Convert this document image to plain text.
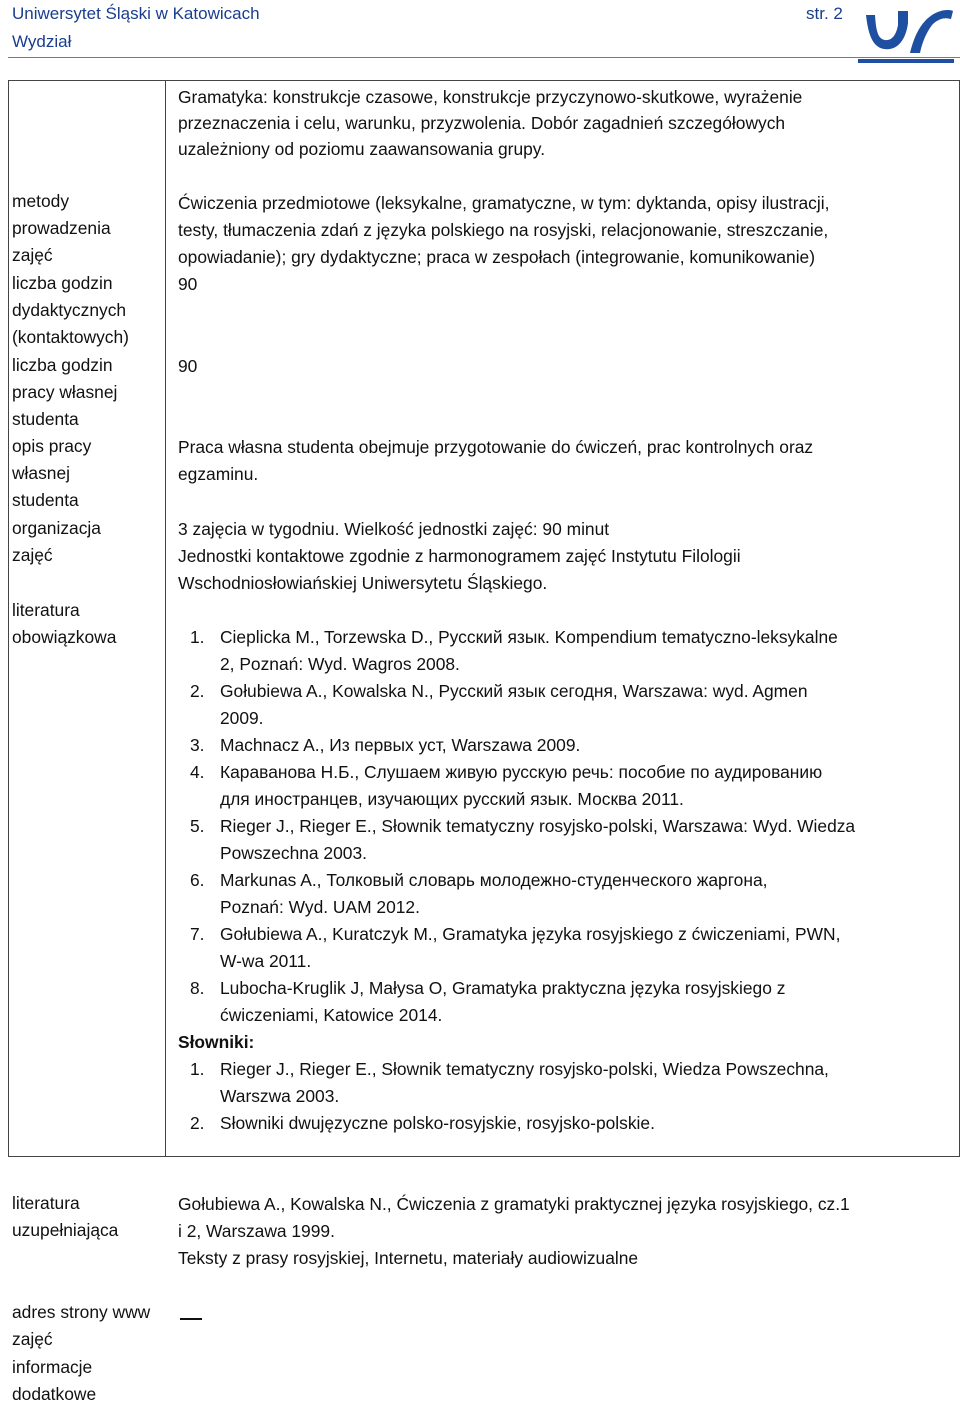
Uniwersytet Śląski w Katowicach
Wydział
str. 2
Gramatyka: konstrukcje czasowe, konstrukcje przyczynowo-skutkowe, wyrażenie
przeznaczenia i celu, warunku, przyzwolenia. Dobór zagadnień szczegółowych
uzależniony od poziomu zaawansowania grupy.
metody prowadzenia zajęć
liczba godzin dydaktycznych (kontaktowych)
liczba godzin pracy własnej studenta
opis pracy własnej studenta
organizacja zajęć
literatura obowiązkowa
Ćwiczenia przedmiotowe (leksykalne, gramatyczne, w tym: dyktanda, opisy ilustracji,
testy, tłumaczenia zdań z języka polskiego na rosyjski, relacjonowanie, streszczanie,
opowiadanie); gry dydaktyczne; praca w zespołach (integrowanie, komunikowanie)
90
90
Praca własna studenta obejmuje przygotowanie do ćwiczeń, prac kontrolnych oraz
egzaminu.
3 zajęcia w tygodniu. Wielkość jednostki zajęć: 90 minut
Jednostki kontaktowe zgodnie z harmonogramem zajęć Instytutu Filologii
Wschodniosłowiańskiej Uniwersytetu Śląskiego.
1. Cieplicka M., Torzewska D., Русский язык. Kompendium tematyczno-leksykalne
2, Poznań: Wyd. Wagros 2008.
2. Gołubiewa A., Kowalska N., Русский язык сегодня, Warszawa: wyd. Agmen
2009.
3. Machnacz A., Из первых уст, Warszawa 2009.
4. Караванова Н.Б., Слушаем живую русскую речь: пособие по аудированию
для иностранцев, изучающих русский язык. Москва 2011.
5. Rieger J., Rieger E., Słownik tematyczny rosyjsko-polski, Warszawa: Wyd. Wiedza
Powszechna 2003.
6. Markunas A., Толковый словарь молодежно-студенческого жаргона,
Poznań: Wyd. UAM 2012.
7. Gołubiewa A., Kuratczyk M., Gramatyka języka rosyjskiego z ćwiczeniami, PWN,
W-wa 2011.
8. Lubocha-Kruglik J, Małysa O, Gramatyka praktyczna języka rosyjskiego z
ćwiczeniami, Katowice 2014.
Słowniki:
1. Rieger J., Rieger E., Słownik tematyczny rosyjsko-polski, Wiedza Powszechna,
Warszwa 2003.
2. Słowniki dwujęzyczne polsko-rosyjskie, rosyjsko-polskie.
literatura uzupełniająca
Gołubiewa A., Kowalska N., Ćwiczenia z gramatyki praktycznej języka rosyjskiego, cz.1
i 2, Warszawa 1999.
Teksty z prasy rosyjskiej, Internetu, materiały audiowizualne
adres strony www zajęć
informacje dodatkowe
